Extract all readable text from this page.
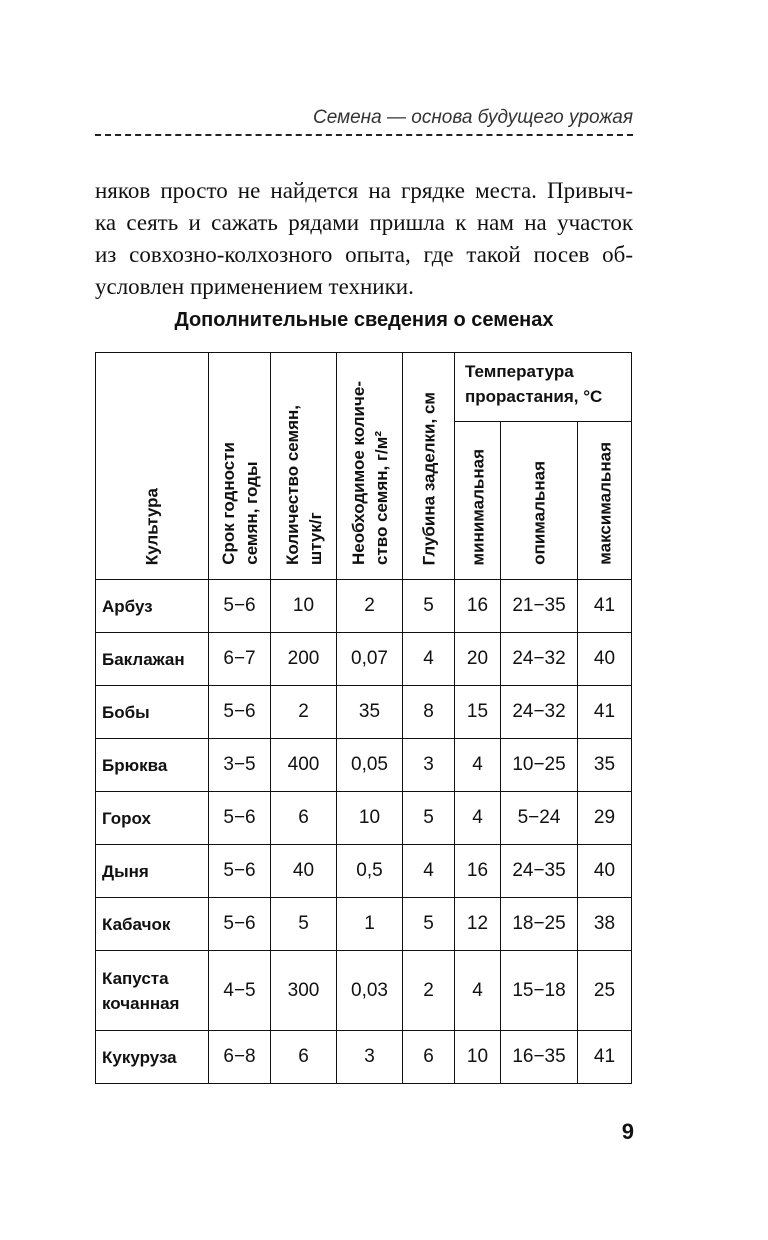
Семена — основа будущего урожая
няков просто не найдется на грядке места. Привыч-
ка сеять и сажать рядами пришла к нам на участок
из совхозно-колхозного опыта, где такой посев об-
условлен применением техники.
Дополнительные сведения о семенах
Культура	Срок годности семян, годы	Количество семян, штук/г	Необходимое количе- ство семян, г/м²	Глубина заделки, см	Температура
прорастания, °С		

					минимальная	опимальная	максимальная

Арбуз	5−6	10	2	5	16	21−35	41
Баклажан	6−7	200	0,07	4	20	24−32	40
Бобы	5−6	2	35	8	15	24−32	41
Брюква	3−5	400	0,05	3	4	10−25	35
Горох	5−6	6	10	5	4	5−24	29
Дыня	5−6	40	0,5	4	16	24−35	40
Кабачок	5−6	5	1	5	12	18−25	38
Капуста
кочанная	4−5	300	0,03	2	4	15−18	25
Кукуруза	6−8	6	3	6	10	16−35	41
9
